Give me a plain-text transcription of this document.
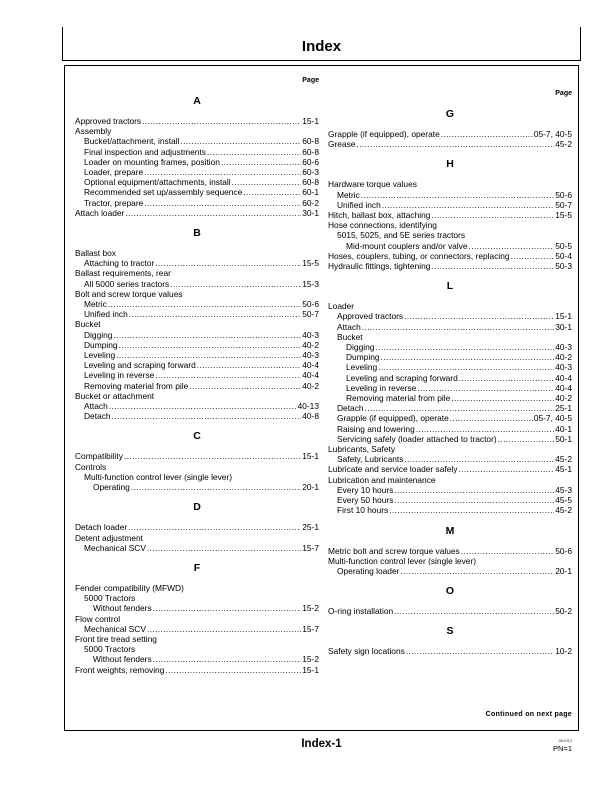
Index
Page
A
Approved tractors .....	15-1
Assembly
Bucket/attachment, install .....	60-8
Final inspection and adjustments .....	60-8
Loader on mounting frames, position .....	60-6
Loader, prepare .....	60-3
Optional equipment/attachments, install .....	60-8
Recommended set up/assembly sequence .....	60-1
Tractor, prepare .....	60-2
Attach loader .....	30-1
B
Ballast box
Attaching to tractor .....	15-5
Ballast requirements, rear
All 5000 series tractors .....	15-3
Bolt and screw torque values
Metric .....	50-6
Unified inch .....	50-7
Bucket
Digging .....	40-3
Dumping .....	40-2
Leveling .....	40-3
Leveling and scraping forward .....	40-4
Leveling in reverse .....	40-4
Removing material from pile .....	40-2
Bucket or attachment
Attach .....	40-13
Detach .....	40-8
C
Compatibility .....	15-1
Controls
Multi-function control lever (single lever)
Operating .....	20-1
D
Detach loader .....	25-1
Detent adjustment
Mechanical SCV .....	15-7
F
Fender compatibility (MFWD)
5000 Tractors
Without fenders .....	15-2
Flow control
Mechanical SCV .....	15-7
Front tire tread setting
5000 Tractors
Without fenders .....	15-2
Front weights, removing .....	15-1
Page
G
Grapple (if equipped), operate .....	05-7, 40-5
Grease .....	45-2
H
Hardware torque values
Metric .....	50-6
Unified inch .....	50-7
Hitch, ballast box, attaching .....	15-5
Hose connections, identifying
5015, 5025, and 5E series tractors
Mid-mount couplers and/or valve .....	50-5
Hoses, couplers, tubing, or connectors, replacing .....	50-4
Hydraulic fittings, tightening .....	50-3
L
Loader
Approved tractors .....	15-1
Attach .....	30-1
Bucket
Digging .....	40-3
Dumping .....	40-2
Leveling .....	40-3
Leveling and scraping forward .....	40-4
Leveling in reverse .....	40-4
Removing material from pile .....	40-2
Detach .....	25-1
Grapple (if equipped), operate .....	05-7, 40-5
Raising and lowering .....	40-1
Servicing safely (loader attached to tractor) .....	50-1
Lubricants, Safety
Safety, Lubricants .....	45-2
Lubricate and service loader safely .....	45-1
Lubrication and maintenance
Every 10 hours .....	45-3
Every 50 hours .....	45-5
First 10 hours .....	45-2
M
Metric bolt and screw torque values .....	50-6
Multi-function control lever (single lever)
Operating loader .....	20-1
O
O-ring installation .....	50-2
S
Safety sign locations .....	10-2
Continued on next page
Index-1	061913
PN=1
